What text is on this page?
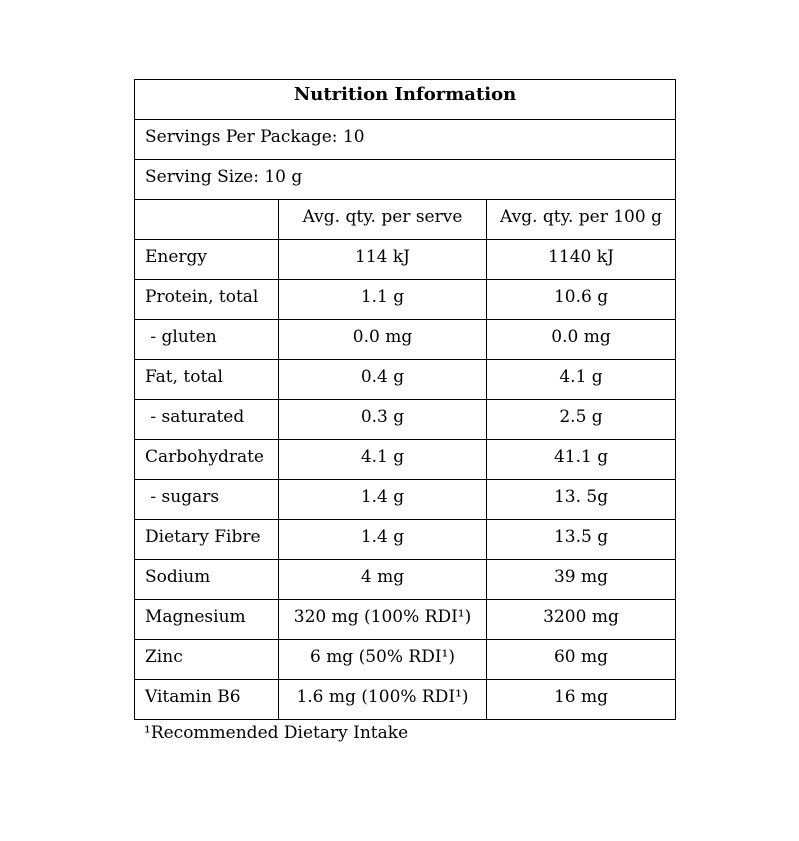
Nutrition Information		
Servings Per Package: 10		
Serving Size: 10 g		
	Avg. qty. per serve	Avg. qty. per 100 g
Energy	114 kJ	1140 kJ
Protein, total	1.1 g	10.6 g
- gluten	0.0 mg	0.0 mg
Fat, total	0.4 g	4.1 g
- saturated	0.3 g	2.5 g
Carbohydrate	4.1 g	41.1 g
- sugars	1.4 g	13. 5g
Dietary Fibre	1.4 g	13.5 g
Sodium	4 mg	39 mg
Magnesium	320 mg (100% RDI¹)	3200 mg
Zinc	6 mg (50% RDI¹)	60 mg
Vitamin B6	1.6 mg (100% RDI¹)	16 mg
¹Recommended Dietary Intake
